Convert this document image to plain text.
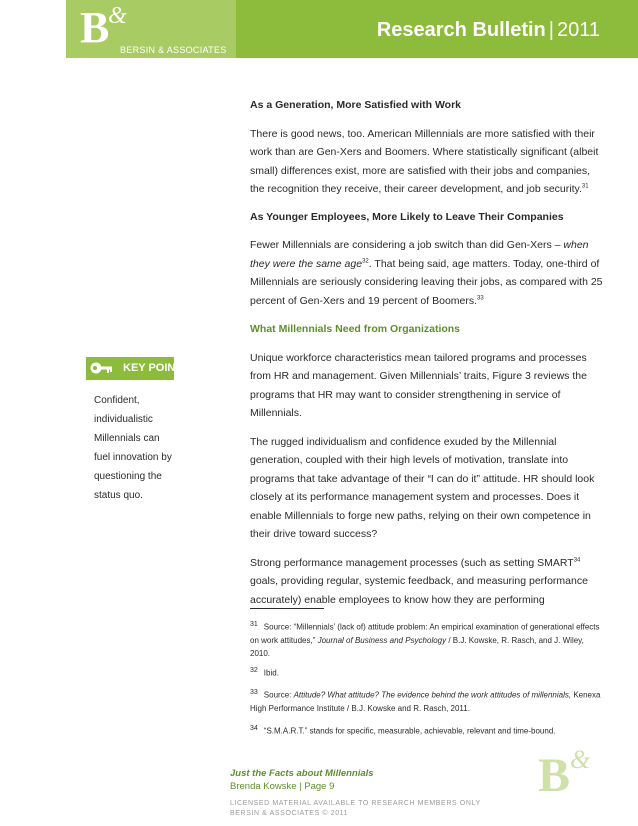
B
&
BERSIN & ASSOCIATES
Research Bulletin | 2011
KEY POINT
Confident,
individualistic
Millennials can
fuel innovation by
questioning the
status quo.

As a Generation, More Satisfied with Work

There is good news, too. American Millennials are more satisfied with their work than are Gen-Xers and Boomers. Where statistically significant (albeit small) differences exist, more are satisfied with their jobs and companies, the recognition they receive, their career development, and job security.$^{31}$

As Younger Employees, More Likely to Leave Their Companies

Fewer Millennials are considering a job switch than did Gen-Xers – when they were the same age$^{32}$. That being said, age matters. Today, one-third of Millennials are seriously considering leaving their jobs, as compared with 25 percent of Gen-Xers and 19 percent of Boomers.$^{33}$

What Millennials Need from Organizations

Unique workforce characteristics mean tailored programs and processes from HR and management. Given Millennials’ traits, Figure 3 reviews the programs that HR may want to consider strengthening in service of Millennials.

The rugged individualism and confidence exuded by the Millennial generation, coupled with their high levels of motivation, translate into programs that take advantage of their “I can do it” attitude. HR should look closely at its performance management system and processes. Does it enable Millennials to forge new paths, relying on their own competence in their drive toward success?

Strong performance management processes (such as setting SMART$^{34}$ goals, providing regular, systemic feedback, and measuring performance accurately) enable employees to know how they are performing

31 Source: “Millennials’ (lack of) attitude problem: An empirical examination of generational effects on work attitudes,” Journal of Business and Psychology / B.J. Kowske, R. Rasch, and J. Wiley, 2010.
32 Ibid.
33 Source: Attitude? What attitude? The evidence behind the work attitudes of millennials, Kenexa High Performance Institute / B.J. Kowske and R. Rasch, 2011.
34 “S.M.A.R.T.” stands for specific, measurable, achievable, relevant and time-bound.
Just the Facts about Millennials
Brenda Kowske | Page 9
LICENSED MATERIAL AVAILABLE TO RESEARCH MEMBERS ONLY
BERSIN & ASSOCIATES © 2011
B &
